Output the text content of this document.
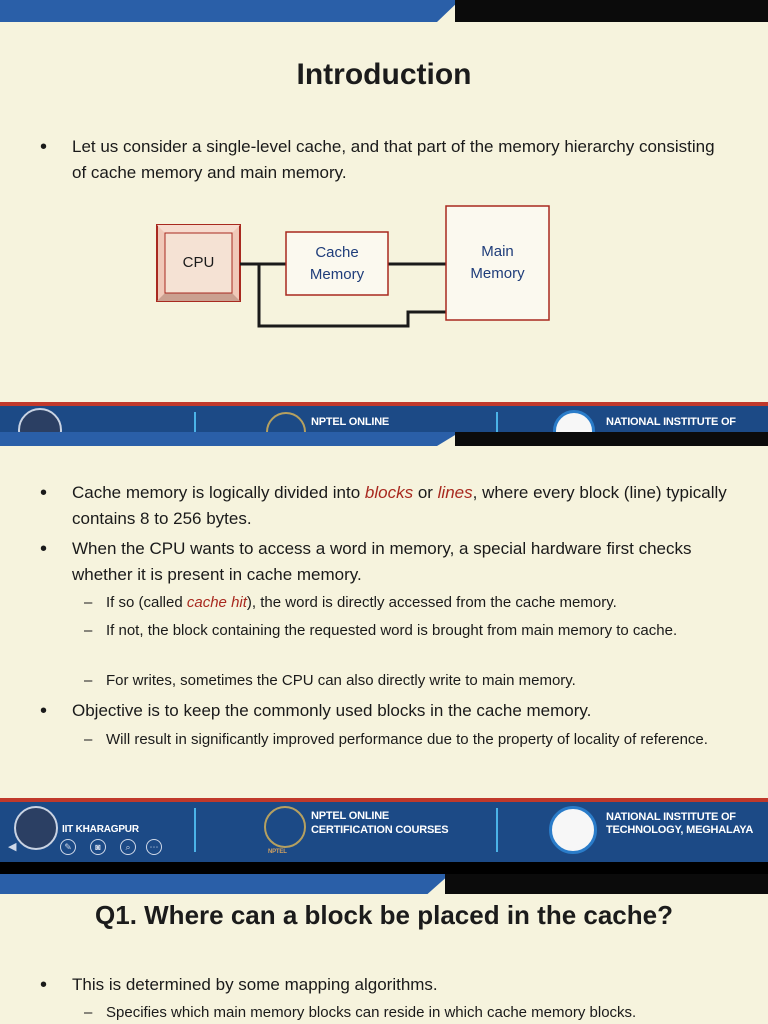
Introduction
• Let us consider a single-level cache, and that part of the memory hierarchy consisting of cache memory and main memory.
CPU
Cache Memory
Main Memory
NPTEL ONLINE	NATIONAL INSTITUTE OF
• Cache memory is logically divided into blocks or lines, where every block (line) typically contains 8 to 256 bytes.
• When the CPU wants to access a word in memory, a special hardware first checks whether it is present in cache memory.
– If so (called cache hit), the word is directly accessed from the cache memory.
– If not, the block containing the requested word is brought from main memory to cache.
– For writes, sometimes the CPU can also directly write to main memory.
• Objective is to keep the commonly used blocks in the cache memory.
– Will result in significantly improved performance due to the property of locality of reference.
IIT KHARAGPUR
◀	✎	◙	⌕	⋯
NPTEL ONLINE
CERTIFICATION COURSES
NPTEL
NATIONAL INSTITUTE OF
TECHNOLOGY, MEGHALAYA
Q1. Where can a block be placed in the cache?
• This is determined by some mapping algorithms.
– Specifies which main memory blocks can reside in which cache memory blocks.
